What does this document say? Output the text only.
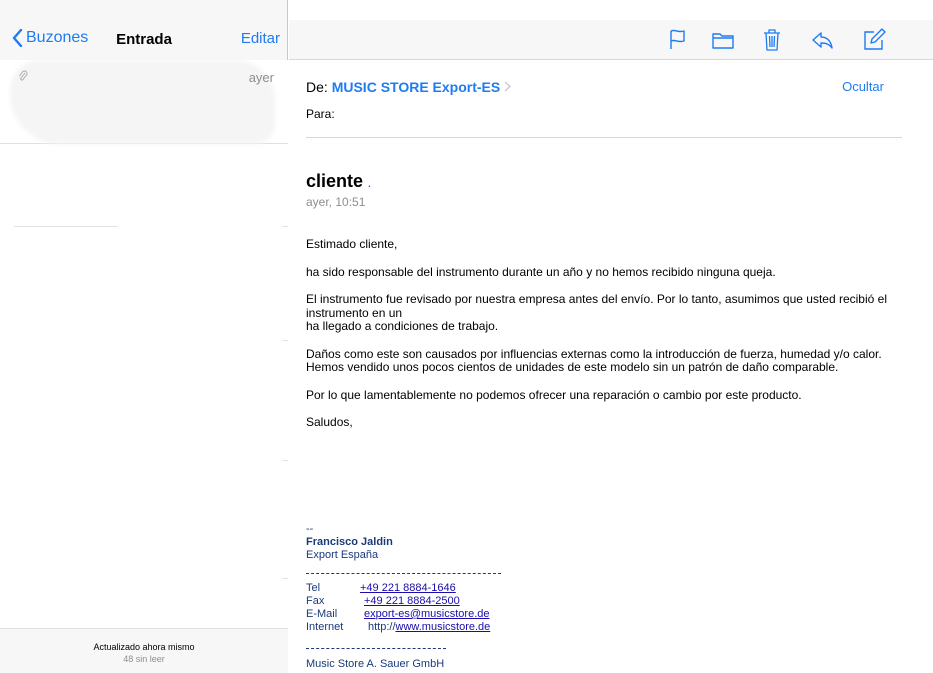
Buzones	Entrada	Editar
ayer
Actualizado ahora mismo
48 sin leer
De: MUSIC STORE Export-ES	Ocultar
Para:
cliente .
ayer, 10:51

Estimado cliente,

ha sido responsable del instrumento durante un año y no hemos recibido ninguna queja.

El instrumento fue revisado por nuestra empresa antes del envío. Por lo tanto, asumimos que usted recibió el instrumento en un
ha llegado a condiciones de trabajo.

Daños como este son causados por influencias externas como la introducción de fuerza, humedad y/o calor.
Hemos vendido unos pocos cientos de unidades de este modelo sin un patrón de daño comparable.

Por lo que lamentablemente no podemos ofrecer una reparación o cambio por este producto.

Saludos,

--
Francisco Jaldin
Export España
Tel	+49 221 8884-1646
Fax	+49 221 8884-2500
E-Mail	export-es@musicstore.de
Internet	http:// www.musicstore.de
Music Store A. Sauer GmbH
